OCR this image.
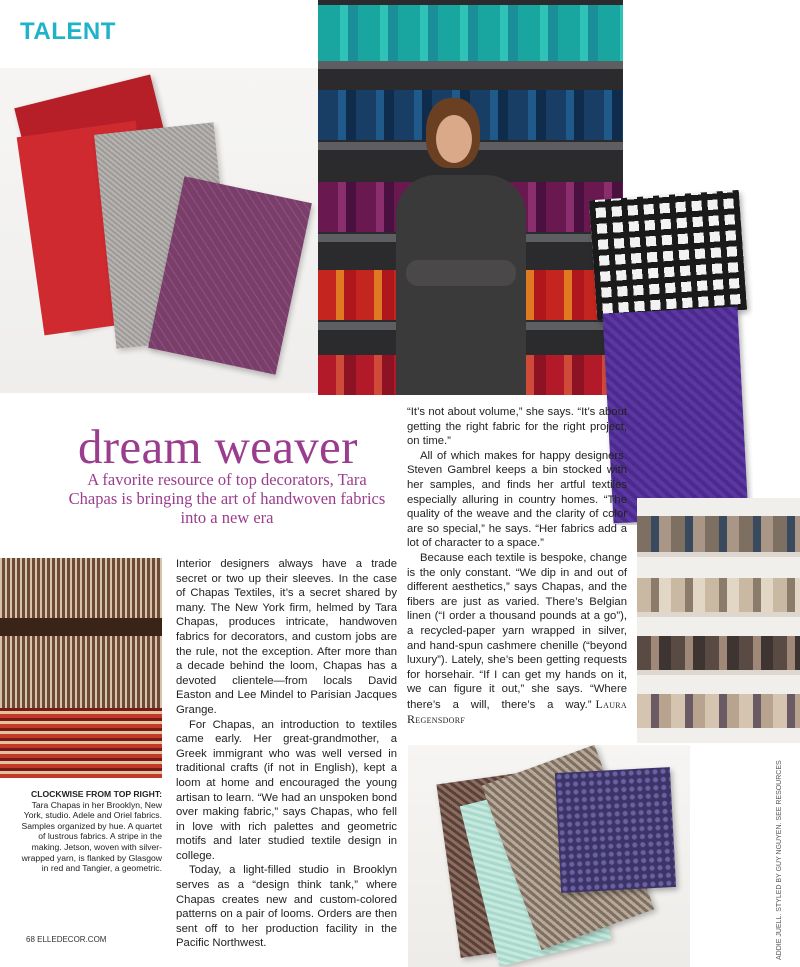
TALENT
dream weaver
A favorite resource of top decorators, Tara Chapas is bringing the art of handwoven fabrics into a new era

Interior designers always have a trade secret or two up their sleeves. In the case of Chapas Textiles, it’s a secret shared by many. The New York firm, helmed by Tara Chapas, produces intricate, handwoven fabrics for decorators, and custom jobs are the rule, not the exception. After more than a decade behind the loom, Chapas has a devoted clientele—from locals David Easton and Lee Mindel to Parisian Jacques Grange.

For Chapas, an introduction to textiles came early. Her great-grandmother, a Greek immigrant who was well versed in traditional crafts (if not in English), kept a loom at home and encouraged the young artisan to learn. “We had an unspoken bond over making fabric,” says Chapas, who fell in love with rich palettes and geometric motifs and later studied textile design in college.

Today, a light-filled studio in Brooklyn serves as a “design think tank,” where Chapas creates new and custom-colored patterns on a pair of looms. Orders are then sent off to her production facility in the Pacific Northwest.

“It’s not about volume,” she says. “It’s about getting the right fabric for the right project, on time.”

All of which makes for happy designers. Steven Gambrel keeps a bin stocked with her samples, and finds her artful textiles especially alluring in country homes. “The quality of the weave and the clarity of color are so special,” he says. “Her fabrics add a lot of character to a space.”

Because each textile is bespoke, change is the only constant. “We dip in and out of different aesthetics,” says Chapas, and the fibers are just as varied. There’s Belgian linen (“I order a thousand pounds at a go”), a recycled-paper yarn wrapped in silver, and hand-spun cashmere chenille (“beyond luxury”). Lately, she’s been getting requests for horsehair. “If I can get my hands on it, we can figure it out,” she says. “Where there’s a will, there’s a way.” Laura Regensdorf

CLOCKWISE FROM TOP RIGHT:
Tara Chapas in her Brooklyn, New York, studio. Adele and Oriel fabrics. Samples organized by hue. A quartet of lustrous fabrics. A stripe in the making. Jetson, woven with silver-wrapped yarn, is flanked by Glasgow in red and Tangier, a geometric.	ADDIE JUELL. STYLED BY GUY NGUYEN. SEE RESOURCES
68 ELLEDECOR.COM
